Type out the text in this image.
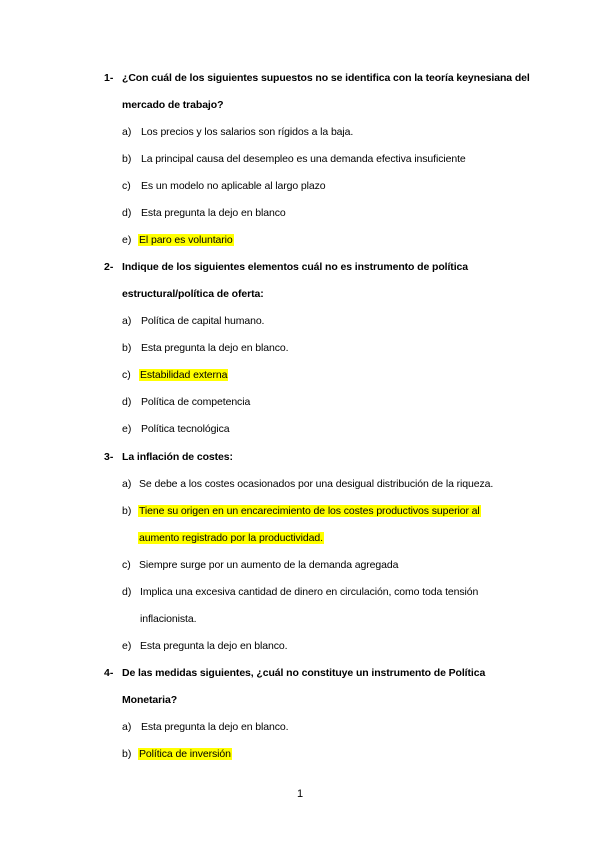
1- ¿Con cuál de los siguientes supuestos no se identifica con la teoría keynesiana del
mercado de trabajo?
a) Los precios y los salarios son rígidos a la baja.
b) La principal causa del desempleo es una demanda efectiva insuficiente
c) Es un modelo no aplicable al largo plazo
d) Esta pregunta la dejo en blanco
e) El paro es voluntario
2- Indique de los siguientes elementos cuál no es instrumento de política
estructural/política de oferta:
a) Política de capital humano.
b) Esta pregunta la dejo en blanco.
c) Estabilidad externa
d) Política de competencia
e) Política tecnológica
3- La inflación de costes:
a) Se debe a los costes ocasionados por una desigual distribución de la riqueza.
b) Tiene su origen en un encarecimiento de los costes productivos superior al
aumento registrado por la productividad.
c) Siempre surge por un aumento de la demanda agregada
d) Implica una excesiva cantidad de dinero en circulación, como toda tensión
inflacionista.
e) Esta pregunta la dejo en blanco.
4- De las medidas siguientes, ¿cuál no constituye un instrumento de Política
Monetaria?
a) Esta pregunta la dejo en blanco.
b) Política de inversión
1
